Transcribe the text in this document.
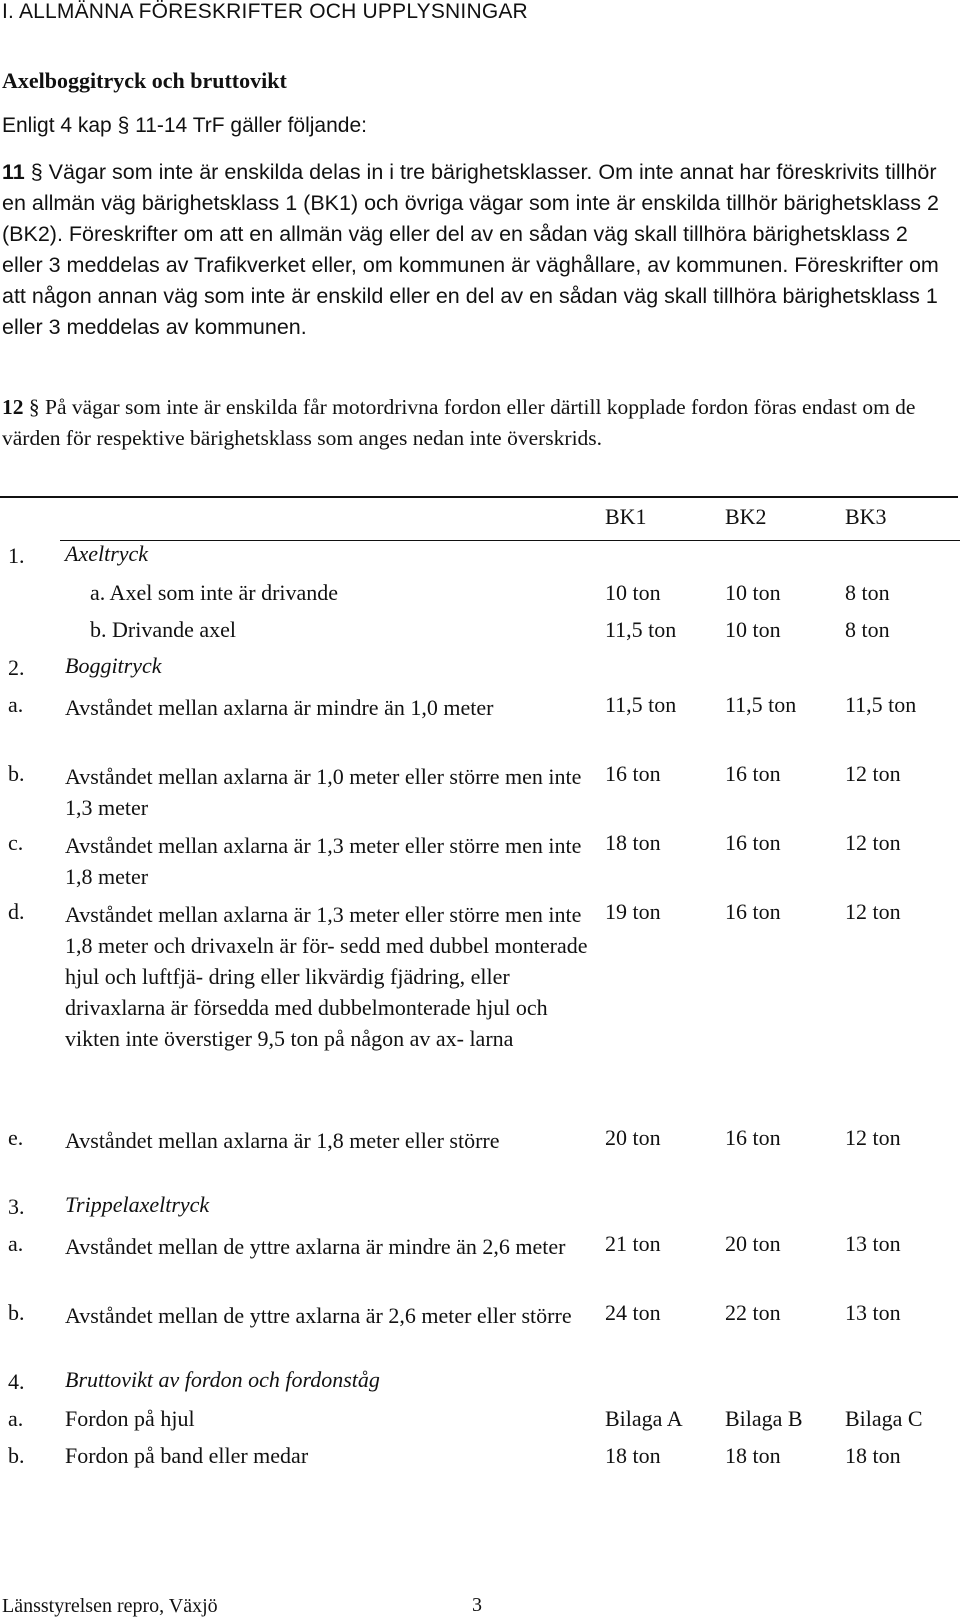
I. ALLMÄNNA FÖRESKRIFTER OCH UPPLYSNINGAR
Axelboggitryck och bruttovikt
Enligt 4 kap § 11-14 TrF gäller följande:
11 § Vägar som inte är enskilda delas in i tre bärighetsklasser. Om inte annat har föreskrivits tillhör en allmän väg bärighetsklass 1 (BK1) och övriga vägar som inte är enskilda tillhör bärighetsklass 2 (BK2). Föreskrifter om att en allmän väg eller del av en sådan väg skall tillhöra bärighetsklass 2 eller 3 meddelas av Trafikverket eller, om kommunen är väghållare, av kommunen. Föreskrifter om att någon annan väg som inte är enskild eller en del av en sådan väg skall tillhöra bärighetsklass 1 eller 3 meddelas av kommunen.
12 § På vägar som inte är enskilda får motordrivna fordon eller därtill kopplade fordon föras endast om de värden för respektive bärighetsklass som anges nedan inte överskrids.
BK1	BK2	BK3
1. Axeltryck
a. Axel som inte är drivande	10 ton	10 ton	8 ton
b. Drivande axel	11,5 ton 10 ton	8 ton
2. Boggitryck
a. Avståndet mellan axlarna är mindre än 1,0 meter	11,5 ton 11,5 ton 11,5 ton
b. Avståndet mellan axlarna är 1,0 meter eller större men inte 1,3 meter
16 ton	16 ton	12 ton
c. Avståndet mellan axlarna är 1,3 meter eller större men inte 1,8 meter
18 ton	16 ton	12 ton
d. Avståndet mellan axlarna är 1,3 meter eller större men inte 1,8 meter och drivaxeln är för- sedd med dubbel monterade hjul och luftfjä- dring eller likvärdig fjädring, eller drivaxlarna är försedda med dubbelmonterade hjul och vikten inte överstiger 9,5 ton på någon av ax- larna
19 ton	16 ton	12 ton
e. Avståndet mellan axlarna är 1,8 meter eller större	20 ton	16 ton	12 ton
3. Trippelaxeltryck
a. Avståndet mellan de yttre axlarna är mindre än 2,6 meter	21 ton	20 ton	13 ton
b. Avståndet mellan de yttre axlarna är 2,6 meter eller större	24 ton	22 ton	13 ton
4. Bruttovikt av fordon och fordonståg
a. Fordon på hjul	Bilaga A Bilaga B Bilaga C
b. Fordon på band eller medar	18 ton	18 ton	18 ton
Länsstyrelsen repro, Växjö	3
